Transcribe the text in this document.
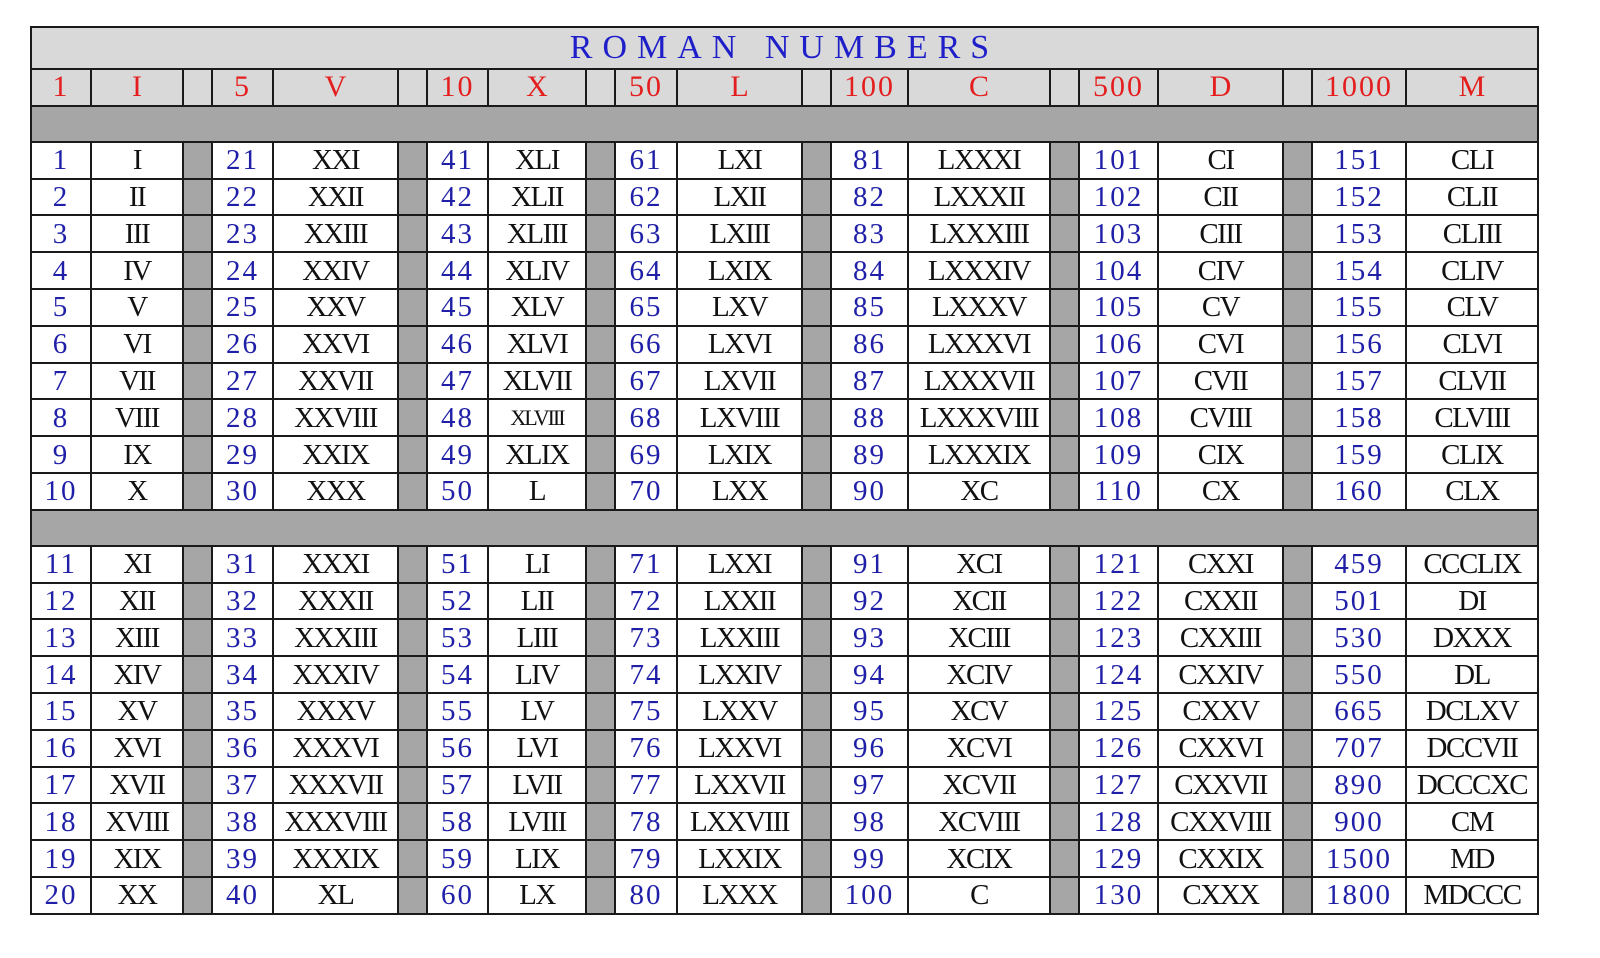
ROMAN NUMBERS																			
1	I		5	V		10	X		50	L		100	C		500	D		1000	M

1	I		21	XXI		41	XLI		61	LXI		81	LXXXI		101	CI		151	CLI
2	II		22	XXII		42	XLII		62	LXII		82	LXXXII		102	CII		152	CLII
3	III		23	XXIII		43	XLIII		63	LXIII		83	LXXXIII		103	CIII		153	CLIII
4	IV		24	XXIV		44	XLIV		64	LXIX		84	LXXXIV		104	CIV		154	CLIV
5	V		25	XXV		45	XLV		65	LXV		85	LXXXV		105	CV		155	CLV
6	VI		26	XXVI		46	XLVI		66	LXVI		86	LXXXVI		106	CVI		156	CLVI
7	VII		27	XXVII		47	XLVII		67	LXVII		87	LXXXVII		107	CVII		157	CLVII
8	VIII		28	XXVIII		48	XLVIII		68	LXVIII		88	LXXXVIII		108	CVIII		158	CLVIII
9	IX		29	XXIX		49	XLIX		69	LXIX		89	LXXXIX		109	CIX		159	CLIX
10	X		30	XXX		50	L		70	LXX		90	XC		110	CX		160	CLX

11	XI		31	XXXI		51	LI		71	LXXI		91	XCI		121	CXXI		459	CCCLIX
12	XII		32	XXXII		52	LII		72	LXXII		92	XCII		122	CXXII		501	DI
13	XIII		33	XXXIII		53	LIII		73	LXXIII		93	XCIII		123	CXXIII		530	DXXX
14	XIV		34	XXXIV		54	LIV		74	LXXIV		94	XCIV		124	CXXIV		550	DL
15	XV		35	XXXV		55	LV		75	LXXV		95	XCV		125	CXXV		665	DCLXV
16	XVI		36	XXXVI		56	LVI		76	LXXVI		96	XCVI		126	CXXVI		707	DCCVII
17	XVII		37	XXXVII		57	LVII		77	LXXVII		97	XCVII		127	CXXVII		890	DCCCXC
18	XVIII		38	XXXVIII		58	LVIII		78	LXXVIII		98	XCVIII		128	CXXVIII		900	CM
19	XIX		39	XXXIX		59	LIX		79	LXXIX		99	XCIX		129	CXXIX		1500	MD
20	XX		40	XL		60	LX		80	LXXX		100	C		130	CXXX		1800	MDCCC
